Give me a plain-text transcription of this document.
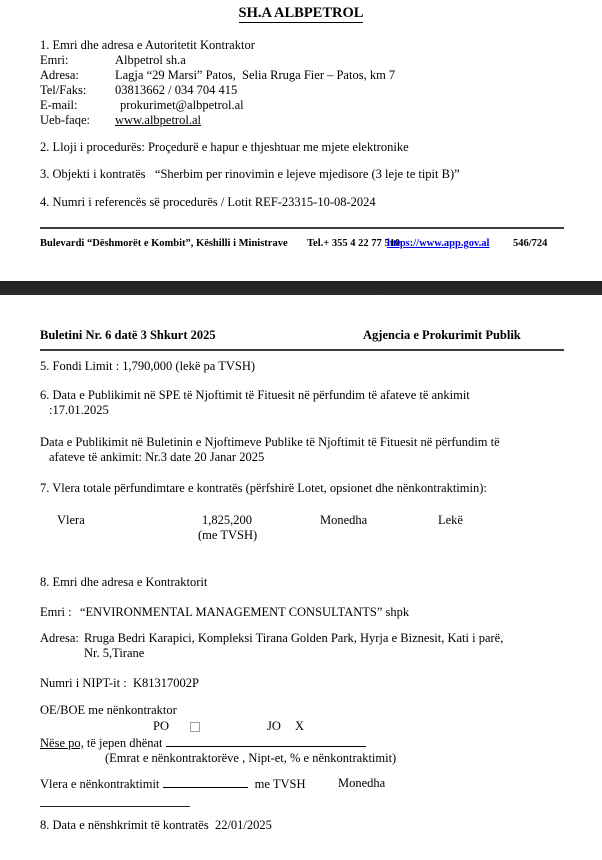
SH.A ALBPETROL
1. Emri dhe adresa e Autoritetit Kontraktor
Emri:	Albpetrol sh.a
Adresa:	Lagja “29 Marsi” Patos,  Selia Rruga Fier – Patos, km 7
Tel/Faks: 03813662 / 034 704 415
E-mail:	prokurimet@albpetrol.al
Ueb-faqe: www.albpetrol.al
2. Lloji i procedurës: Proçedurë e hapur e thjeshtuar me mjete elektronike
3. Objekti i kontratës   “Sherbim per rinovimin e lejeve mjedisore (3 leje te tipit B)”
4. Numri i referencës së procedurës / Lotit REF-23315-10-08-2024
Bulevardi “Dëshmorët e Kombit”, Këshilli i Ministrave Tel.+ 355 4 22 77 510
https://www.app.gov.al 546/724
Buletini Nr. 6 datë 3 Shkurt 2025	Agjencia e Prokurimit Publik
5. Fondi Limit : 1,790,000 (lekë pa TVSH)
6. Data e Publikimit në SPE të Njoftimit të Fituesit në përfundim të afateve të ankimit
:17.01.2025
Data e Publikimit në Buletinin e Njoftimeve Publike të Njoftimit të Fituesit në përfundim të
afateve të ankimit: Nr.3 date 20 Janar 2025
7. Vlera totale përfundimtare e kontratës (përfshirë Lotet, opsionet dhe nënkontraktimin):
Vlera	1,825,200
(me TVSH)
Monedha	Lekë
8. Emri dhe adresa e Kontraktorit
Emri : “ENVIRONMENTAL MANAGEMENT CONSULTANTS” shpk
Adresa: Rruga Bedri Karapici, Kompleksi Tirana Golden Park, Hyrja e Biznesit, Kati i parë,
Nr. 5,Tirane
Numri i NIPT-it :  K81317002P
OE/BOE me nënkontraktor
PO	JO X
Nëse po, të jepen dhënat
(Emrat e nënkontraktorëve , Nipt-et, % e nënkontraktimit)
Vlera e nënkontraktimit	me TVSH	Monedha
8. Data e nënshkrimit të kontratës  22/01/2025
